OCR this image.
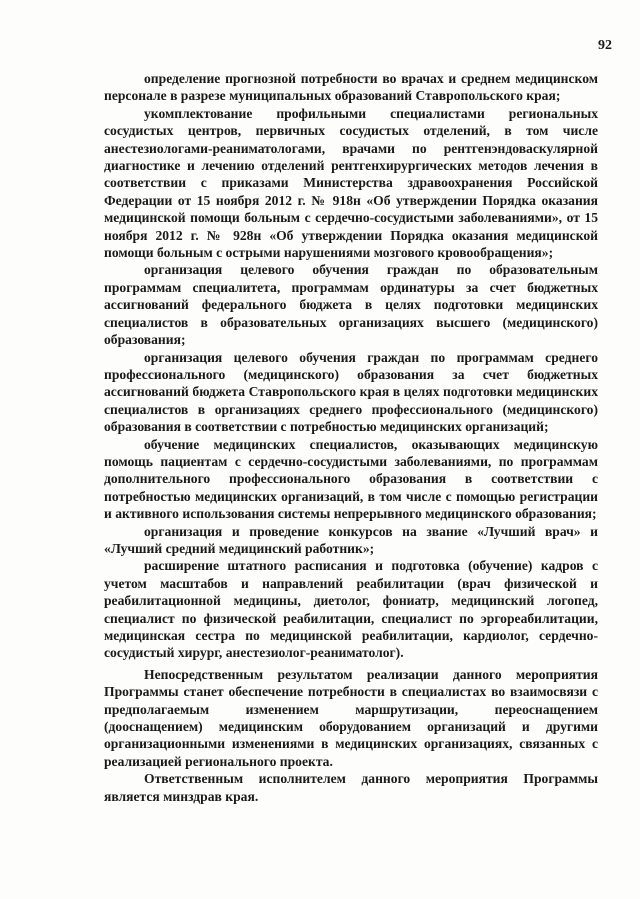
92

определение прогнозной потребности во врачах и среднем медицинском персонале в разрезе муниципальных образований Ставропольского края;

укомплектование профильными специалистами региональных сосудистых центров, первичных сосудистых отделений, в том числе анестезиологами-реаниматологами, врачами по рентгенэндоваскулярной диагностике и лечению отделений рентгенхирургических методов лечения в соответствии с приказами Министерства здравоохранения Российской Федерации от 15 ноября 2012 г. № 918н «Об утверждении Порядка оказания медицинской помощи больным с сердечно-сосудистыми заболеваниями», от 15 ноября 2012 г. № 928н «Об утверждении Порядка оказания медицинской помощи больным с острыми нарушениями мозгового кровообращения»;

организация целевого обучения граждан по образовательным программам специалитета, программам ординатуры за счет бюджетных ассигнований федерального бюджета в целях подготовки медицинских специалистов в образовательных организациях высшего (медицинского) образования;

организация целевого обучения граждан по программам среднего профессионального (медицинского) образования за счет бюджетных ассигнований бюджета Ставропольского края в целях подготовки медицинских специалистов в организациях среднего профессионального (медицинского) образования в соответствии с потребностью медицинских организаций;

обучение медицинских специалистов, оказывающих медицинскую помощь пациентам с сердечно-сосудистыми заболеваниями, по программам дополнительного профессионального образования в соответствии с потребностью медицинских организаций, в том числе с помощью регистрации и активного использования системы непрерывного медицинского образования;

организация и проведение конкурсов на звание «Лучший врач» и «Лучший средний медицинский работник»;

расширение штатного расписания и подготовка (обучение) кадров с учетом масштабов и направлений реабилитации (врач физической и реабилитационной медицины, диетолог, фониатр, медицинский логопед, специалист по физической реабилитации, специалист по эргореабилитации, медицинская сестра по медицинской реабилитации, кардиолог, сердечно-сосудистый хирург, анестезиолог-реаниматолог).

Непосредственным результатом реализации данного мероприятия Программы станет обеспечение потребности в специалистах во взаимосвязи с предполагаемым изменением маршрутизации, переоснащением (дооснащением) медицинским оборудованием организаций и другими организационными изменениями в медицинских организациях, связанных с реализацией регионального проекта.

Ответственным исполнителем данного мероприятия Программы является минздрав края.
